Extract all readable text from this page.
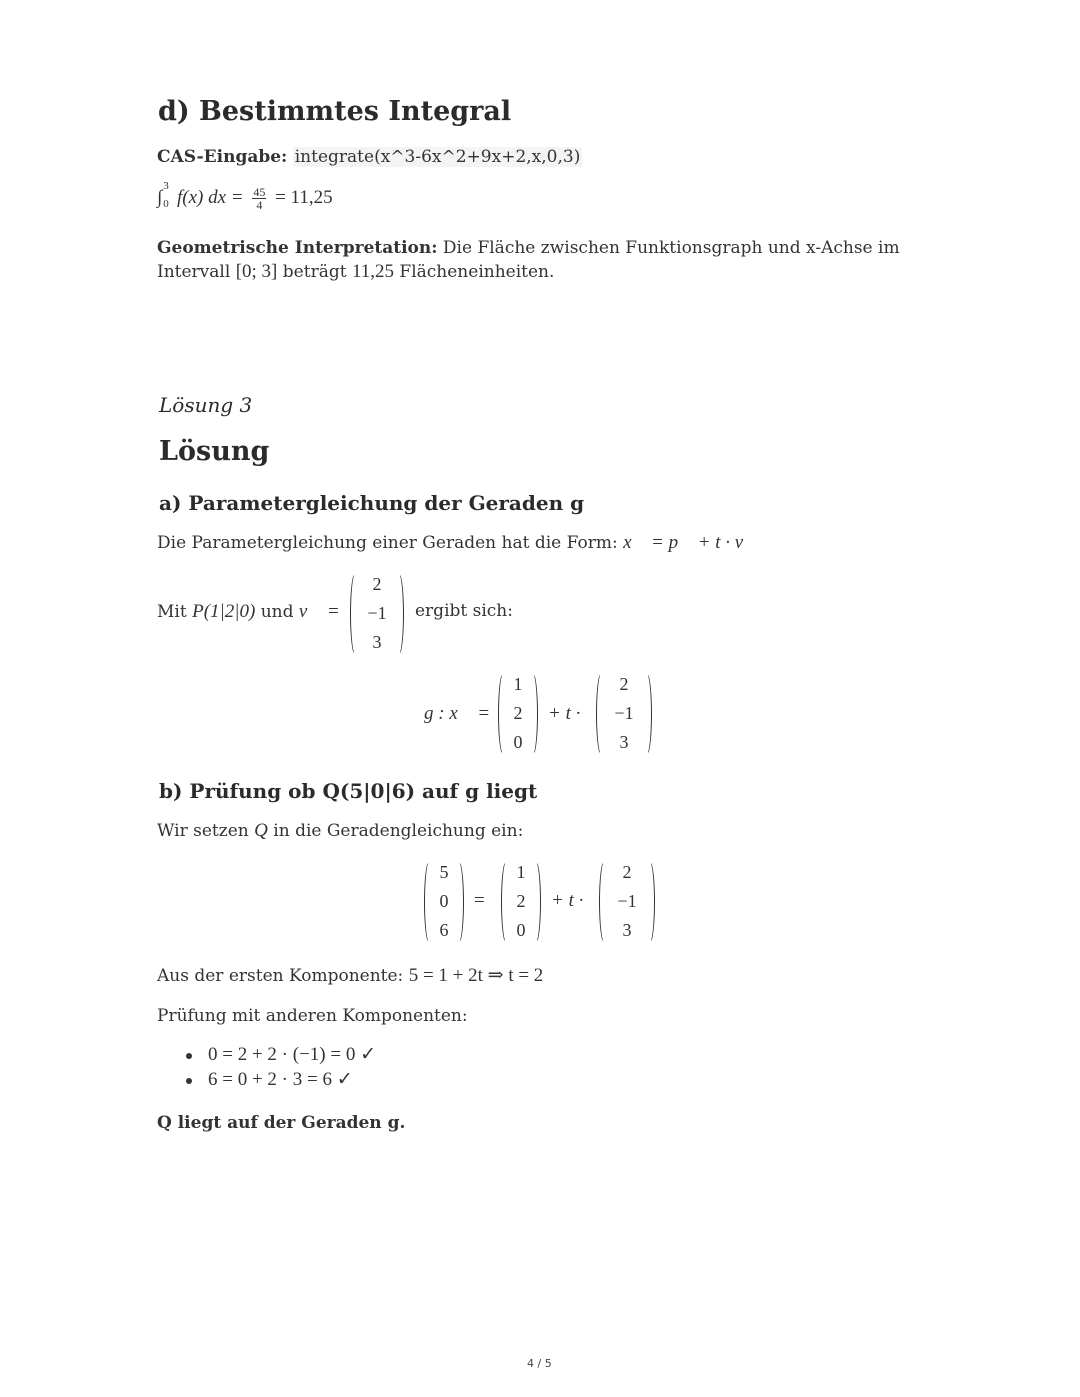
d) Bestimmtes Integral
CAS-Eingabe: integrate(x^3-6x^2+9x+2,x,0,3)
∫
3
0 f(x) dx = $\frac{45}{4} = 11,25$
Geometrische Interpretation: Die Fläche zwischen Funktionsgraph und x-Achse im
Intervall [0; 3] beträgt 11,25 Flächeneinheiten.
Lösung 3
Lösung
a) Parametergleichung der Geraden g
Die Parametergleichung einer Geraden hat die Form: x⃗ = p⃗ + t · v⃗
Mit P(1|2|0) und v⃗ =
2
−1
3
ergibt sich:
g : x⃗ =
1
2
0
+ t ·
2
−1
3
b) Prüfung ob Q(5|0|6) auf g liegt
Wir setzen Q in die Geradengleichung ein:
5
0
6
=
1
2
0
+ t ·
2
−1
3
Aus der ersten Komponente: 5 = 1 + 2t ⇒ t = 2
Prüfung mit anderen Komponenten:
0 = 2 + 2 · (−1) = 0 ✓
6 = 0 + 2 · 3 = 6 ✓
Q liegt auf der Geraden g.
4 / 5
